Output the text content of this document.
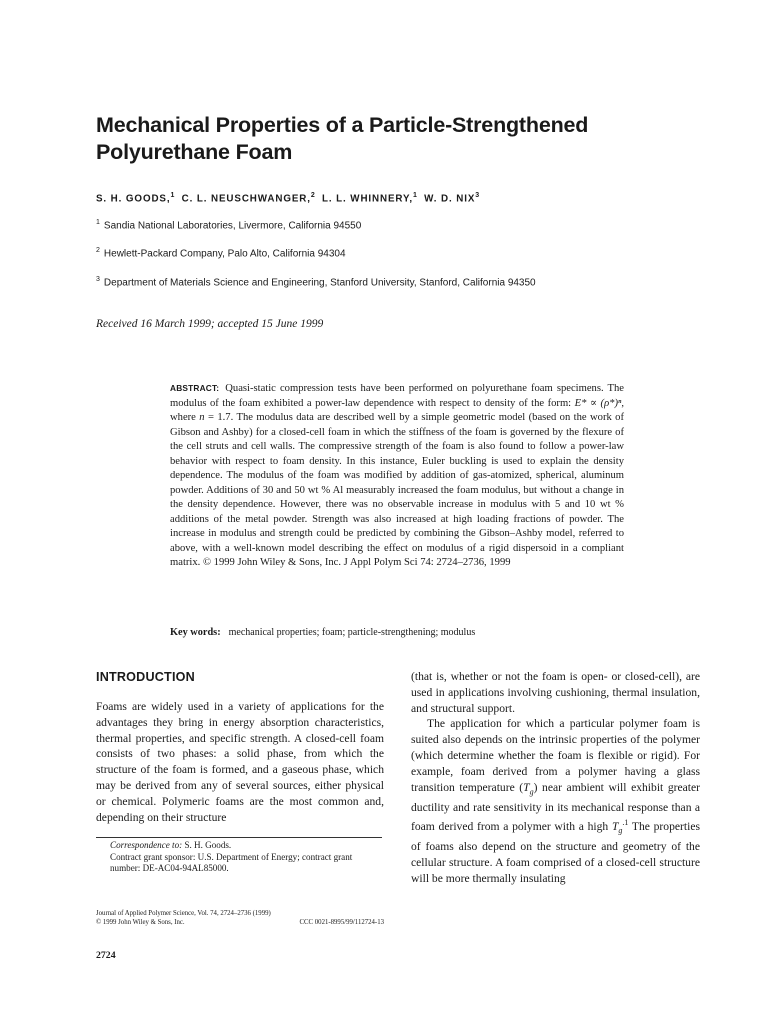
Mechanical Properties of a Particle-Strengthened
Polyurethane Foam
S. H. GOODS,$^1$ C. L. NEUSCHWANGER,$^2$ L. L. WHINNERY,$^1$ W. D. NIX$^3$
$^1$ Sandia National Laboratories, Livermore, California 94550
$^2$ Hewlett-Packard Company, Palo Alto, California 94304
$^3$ Department of Materials Science and Engineering, Stanford University, Stanford, California 94350
Received 16 March 1999; accepted 15 June 1999

ABSTRACT: Quasi-static compression tests have been performed on polyurethane foam specimens. The modulus of the foam exhibited a power-law dependence with respect to density of the form: E* ∝ (ρ*)ⁿ, where n = 1.7. The modulus data are described well by a simple geometric model (based on the work of Gibson and Ashby) for a closed-cell foam in which the stiffness of the foam is governed by the flexure of the cell struts and cell walls. The compressive strength of the foam is also found to follow a power-law behavior with respect to foam density. In this instance, Euler buckling is used to explain the density dependence. The modulus of the foam was modified by addition of gas-atomized, spherical, aluminum powder. Additions of 30 and 50 wt % Al measurably increased the foam modulus, but without a change in the density dependence. However, there was no observable increase in modulus with 5 and 10 wt % additions of the metal powder. Strength was also increased at high loading fractions of powder. The increase in modulus and strength could be predicted by combining the Gibson–Ashby model, referred to above, with a well-known model describing the effect on modulus of a rigid dispersoid in a compliant matrix. © 1999 John Wiley & Sons, Inc. J Appl Polym Sci 74: 2724–2736, 1999

Key words: mechanical properties; foam; particle-strengthening; modulus
INTRODUCTION

Foams are widely used in a variety of applications for the advantages they bring in energy absorption characteristics, thermal properties, and specific strength. A closed-cell foam consists of two phases: a solid phase, from which the structure of the foam is formed, and a gaseous phase, which may be derived from any of several sources, either physical or chemical. Polymeric foams are the most common and, depending on their structure

Correspondence to: S. H. Goods.

Contract grant sponsor: U.S. Department of Energy; contract grant number: DE-AC04-94AL85000.

Journal of Applied Polymer Science, Vol. 74, 2724–2736 (1999)
© 1999 John Wiley & Sons, Inc.	CCC 0021-8995/99/112724-13
2724

(that is, whether or not the foam is open- or closed-cell), are used in applications involving cushioning, thermal insulation, and structural support.

The application for which a particular polymer foam is suited also depends on the intrinsic properties of the polymer (which determine whether the foam is flexible or rigid). For example, foam derived from a polymer having a glass transition temperature $(T_g)$ near ambient will exhibit greater ductility and rate sensitivity in its mechanical response than a foam derived from a polymer with a high $T_g^{.1}$ The properties of foams also depend on the structure and geometry of the cellular structure. A foam comprised of a closed-cell structure will be more thermally insulating
